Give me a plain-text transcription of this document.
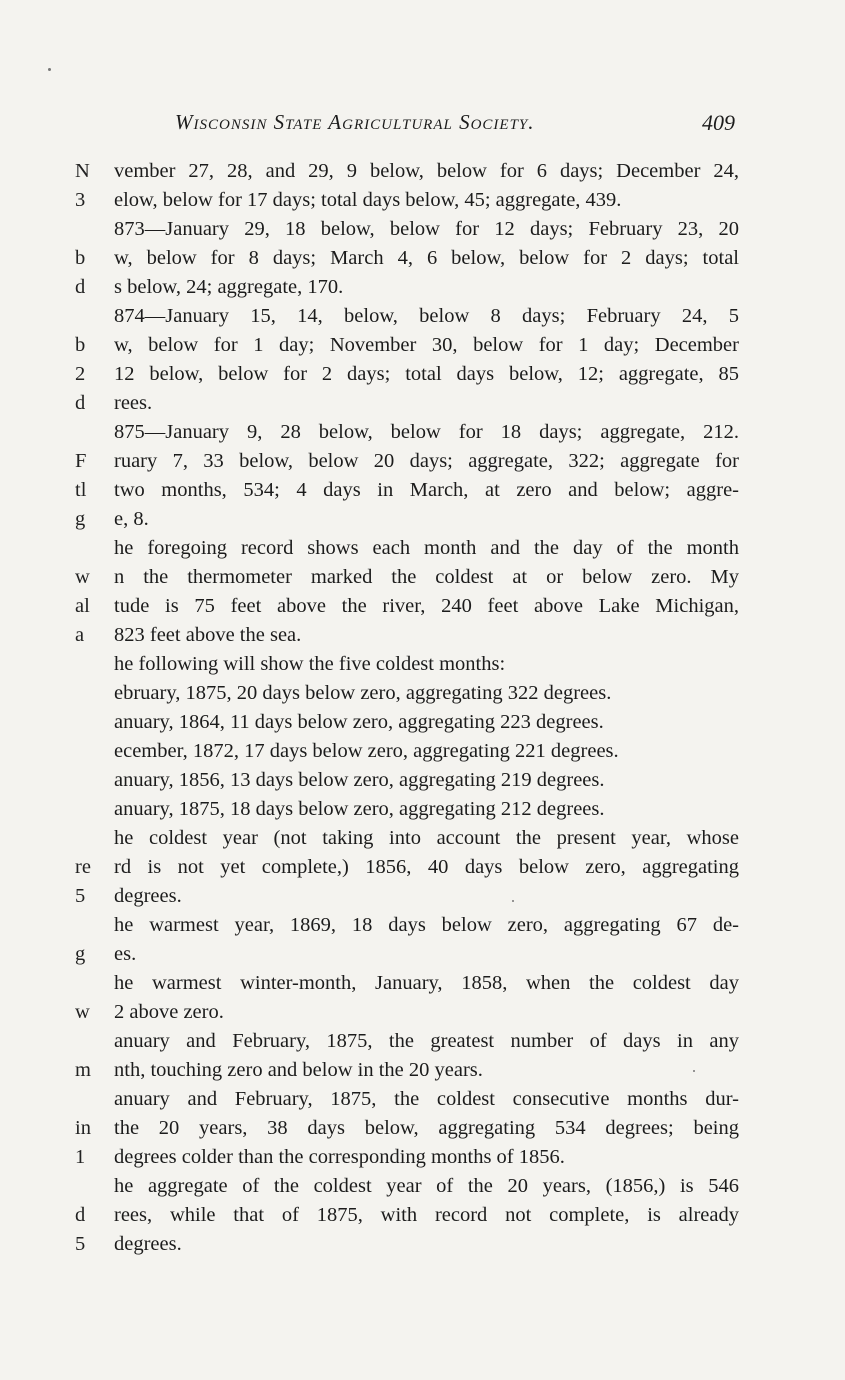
Wisconsin State Agricultural Society.	409
N	vember 27, 28, and 29, 9 below, below for 6 days; December 24,
3	elow, below for 17 days; total days below, 45; aggregate, 439.
873—January 29, 18 below, below for 12 days; February 23, 20
b	w, below for 8 days; March 4, 6 below, below for 2 days; total
d	s below, 24; aggregate, 170.
874—January 15, 14, below, below 8 days; February 24, 5
b	w, below for 1 day; November 30, below for 1 day; December
2	12 below, below for 2 days; total days below, 12; aggregate, 85
d	rees.
875—January 9, 28 below, below for 18 days; aggregate, 212.
F	ruary 7, 33 below, below 20 days; aggregate, 322; aggregate for
tl	two months, 534; 4 days in March, at zero and below; aggre-
g	e, 8.
he foregoing record shows each month and the day of the month
w	n the thermometer marked the coldest at or below zero. My
al	tude is 75 feet above the river, 240 feet above Lake Michigan,
a	823 feet above the sea.
he following will show the five coldest months:
ebruary, 1875, 20 days below zero, aggregating 322 degrees.
anuary, 1864, 11 days below zero, aggregating 223 degrees.
ecember, 1872, 17 days below zero, aggregating 221 degrees.
anuary, 1856, 13 days below zero, aggregating 219 degrees.
anuary, 1875, 18 days below zero, aggregating 212 degrees.
he coldest year (not taking into account the present year, whose
re	rd is not yet complete,) 1856, 40 days below zero, aggregating
5	degrees.
he warmest year, 1869, 18 days below zero, aggregating 67 de-
g	es.
he warmest winter-month, January, 1858, when the coldest day
w	2 above zero.
anuary and February, 1875, the greatest number of days in any
m	nth, touching zero and below in the 20 years.
anuary and February, 1875, the coldest consecutive months dur-
in	the 20 years, 38 days below, aggregating 534 degrees; being
1	degrees colder than the corresponding months of 1856.
he aggregate of the coldest year of the 20 years, (1856,) is 546
d	rees, while that of 1875, with record not complete, is already
5	degrees.
